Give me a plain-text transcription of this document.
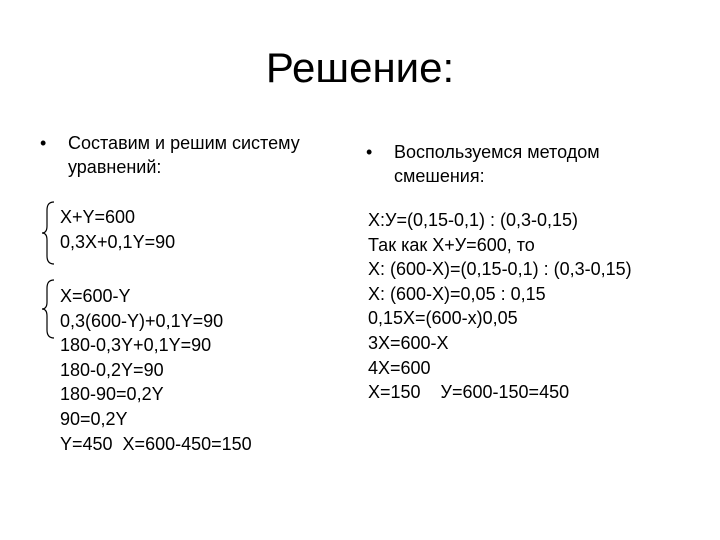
Решение:
•	Составим и решим систему
уравнений:
X+Y=600
0,3X+0,1Y=90
X=600-Y
0,3(600-Y)+0,1Y=90
180-0,3Y+0,1Y=90
180-0,2Y=90
180-90=0,2Y
90=0,2Y
Y=450  X=600-450=150
•	Воспользуемся методом
смешения:
Х:У=(0,15-0,1) : (0,3-0,15)
Так как Х+У=600, то
Х: (600-Х)=(0,15-0,1) : (0,3-0,15)
Х: (600-Х)=0,05 : 0,15
0,15Х=(600-х)0,05
3Х=600-Х
4Х=600
Х=150    У=600-150=450
